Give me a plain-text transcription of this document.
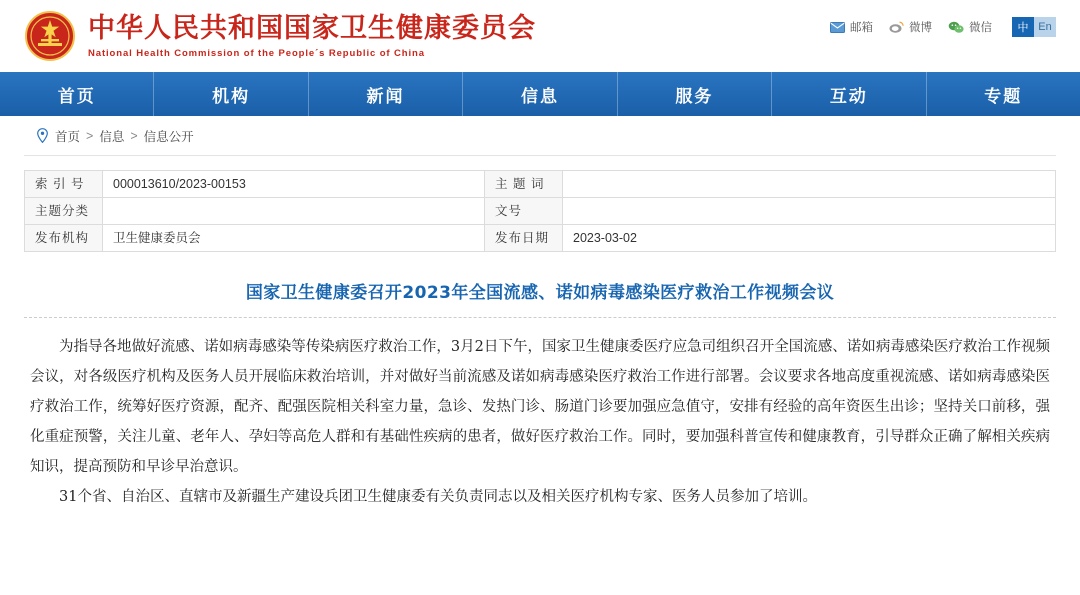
中华人民共和国国家卫生健康委员会
National Health Commission of the People´s Republic of China
邮箱	微博	微信	中 En
首页	机构	新闻	信息	服务	互动	专题
首页 > 信息 > 信息公开
索 引 号	000013610/2023-00153	主 题 词	
主题分类		文号	
发布机构	卫生健康委员会	发布日期	2023-03-02
国家卫生健康委召开2023年全国流感、诺如病毒感染医疗救治工作视频会议

为指导各地做好流感、诺如病毒感染等传染病医疗救治工作，3月2日下午，国家卫生健康委医疗应急司组织召开全国流感、诺如病毒感染医疗救治工作视频会议，对各级医疗机构及医务人员开展临床救治培训，并对做好当前流感及诺如病毒感染医疗救治工作进行部署。会议要求各地高度重视流感、诺如病毒感染医疗救治工作，统筹好医疗资源，配齐、配强医院相关科室力量，急诊、发热门诊、肠道门诊要加强应急值守，安排有经验的高年资医生出诊；坚持关口前移，强化重症预警，关注儿童、老年人、孕妇等高危人群和有基础性疾病的患者，做好医疗救治工作。同时，要加强科普宣传和健康教育，引导群众正确了解相关疾病知识，提高预防和早诊早治意识。

31个省、自治区、直辖市及新疆生产建设兵团卫生健康委有关负责同志以及相关医疗机构专家、医务人员参加了培训。
